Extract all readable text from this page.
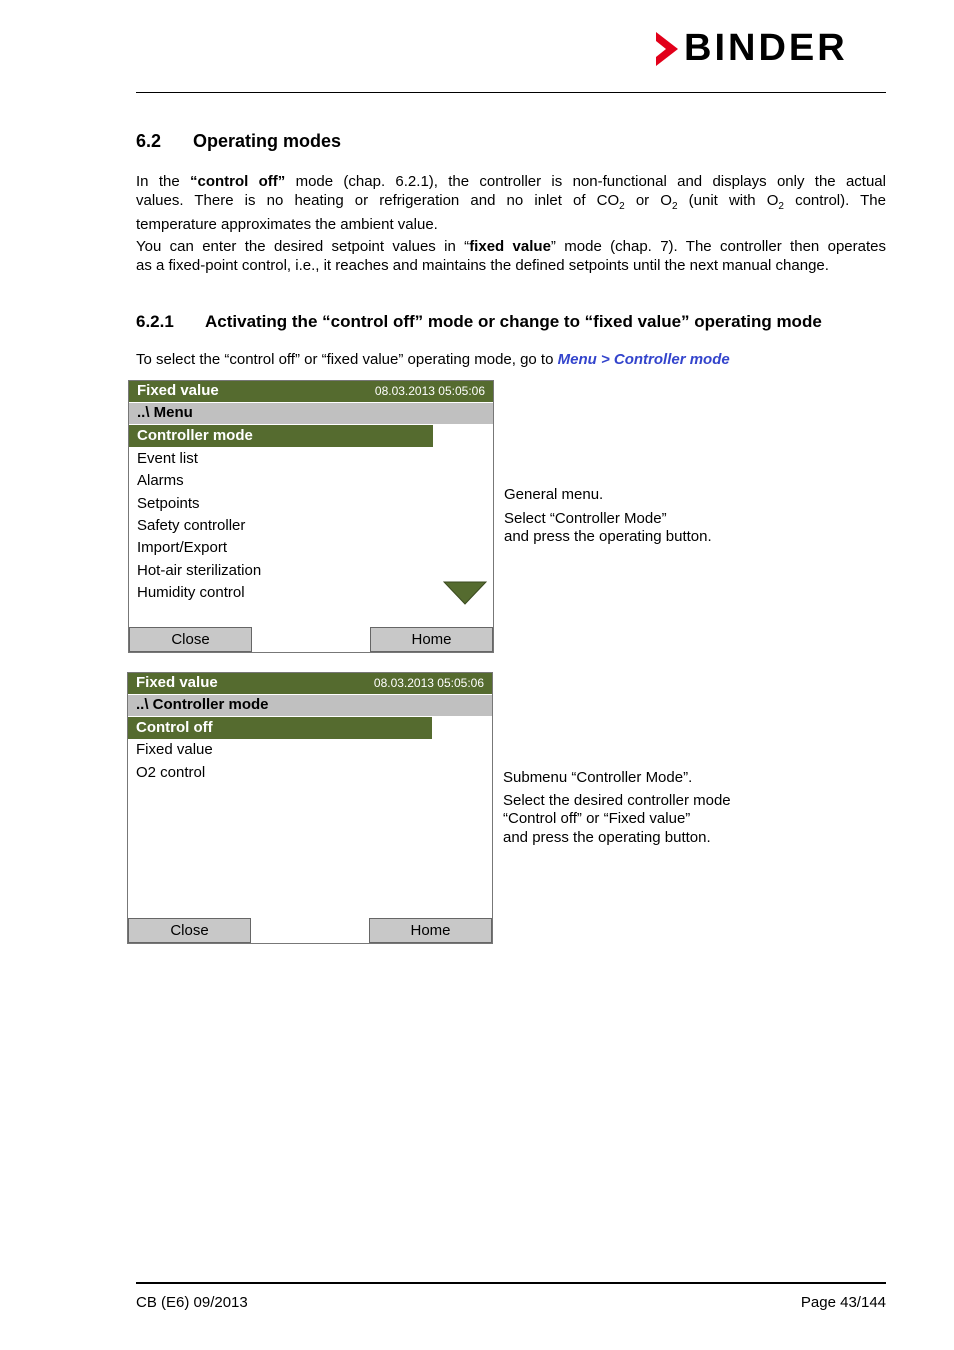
BINDER
6.2 Operating modes
In the “control off” mode (chap. 6.2.1), the controller is non-functional and displays only the actual
values. There is no heating or refrigeration and no inlet of $CO_2$ or $O_2$ (unit with $O_2$ control). The
temperature approximates the ambient value.
You can enter the desired setpoint values in “fixed value” mode (chap. 7). The controller then operates
as a fixed-point control, i.e., it reaches and maintains the defined setpoints until the next manual change.
6.2.1 Activating the “control off” mode or change to “fixed value” operating mode
To select the “control off” or “fixed value” operating mode, go to Menu > Controller mode
Fixed value	08.03.2013 05:05:06
..\ Menu
Controller mode
Event list
Alarms
Setpoints
Safety controller
Import/Export
Hot-air sterilization
Humidity control
Close	Home
General menu.
Select “Controller Mode”
and press the operating button.
Fixed value	08.03.2013 05:05:06
..\ Controller mode
Control off
Fixed value
O2 control
Close	Home
Submenu “Controller Mode”.
Select the desired controller mode
“Control off” or “Fixed value”
and press the operating button.
CB (E6) 09/2013	Page 43/144
